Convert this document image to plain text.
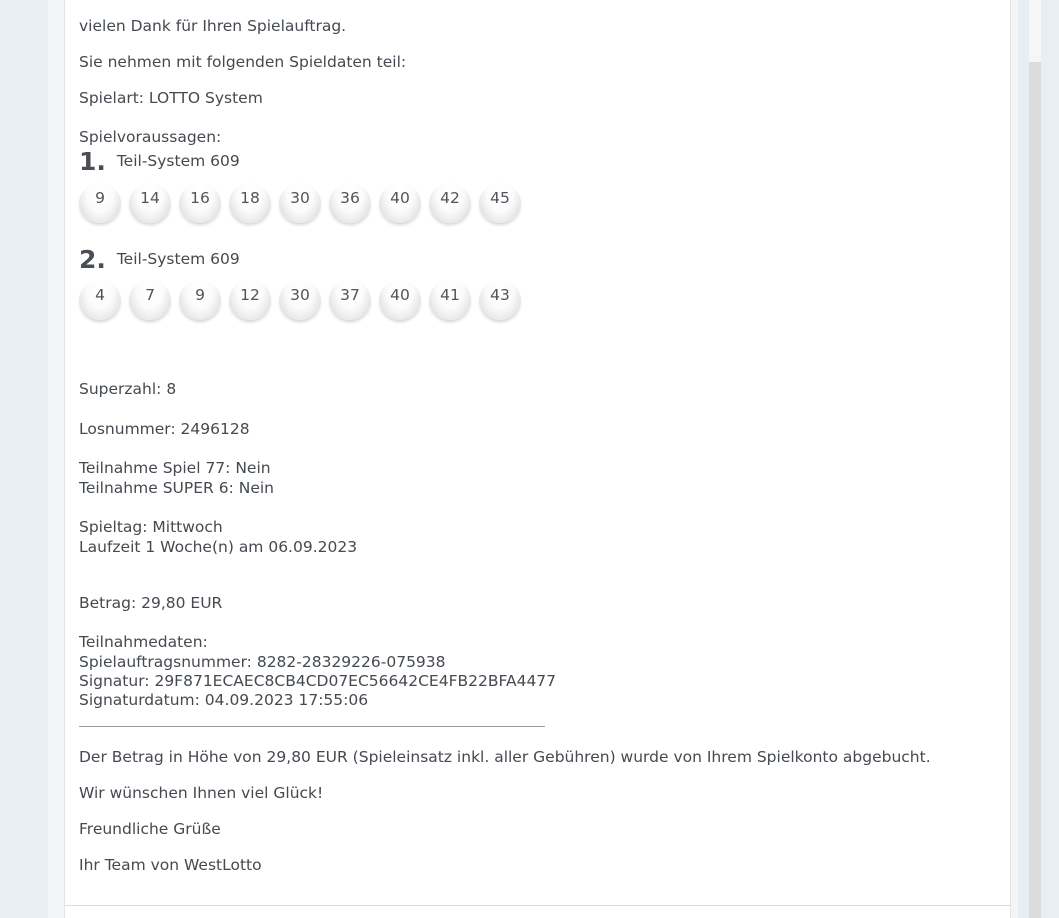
vielen Dank für Ihren Spielauftrag.
Sie nehmen mit folgenden Spieldaten teil:
Spielart: LOTTO System
Spielvoraussagen:
1. Teil-System 609
9	14	16	18	30	36	40	42	45
2. Teil-System 609
4	7	9	12	30	37	40	41	43
Superzahl: 8
Losnummer: 2496128
Teilnahme Spiel 77: Nein
Teilnahme SUPER 6: Nein
Spieltag: Mittwoch
Laufzeit 1 Woche(n) am 06.09.2023
Betrag: 29,80 EUR
Teilnahmedaten:
Spielauftragsnummer: 8282-28329226-075938
Signatur: 29F871ECAEC8CB4CD07EC56642CE4FB22BFA4477
Signaturdatum: 04.09.2023 17:55:06
Der Betrag in Höhe von 29,80 EUR (Spieleinsatz inkl. aller Gebühren) wurde von Ihrem Spielkonto abgebucht.
Wir wünschen Ihnen viel Glück!
Freundliche Grüße
Ihr Team von WestLotto
